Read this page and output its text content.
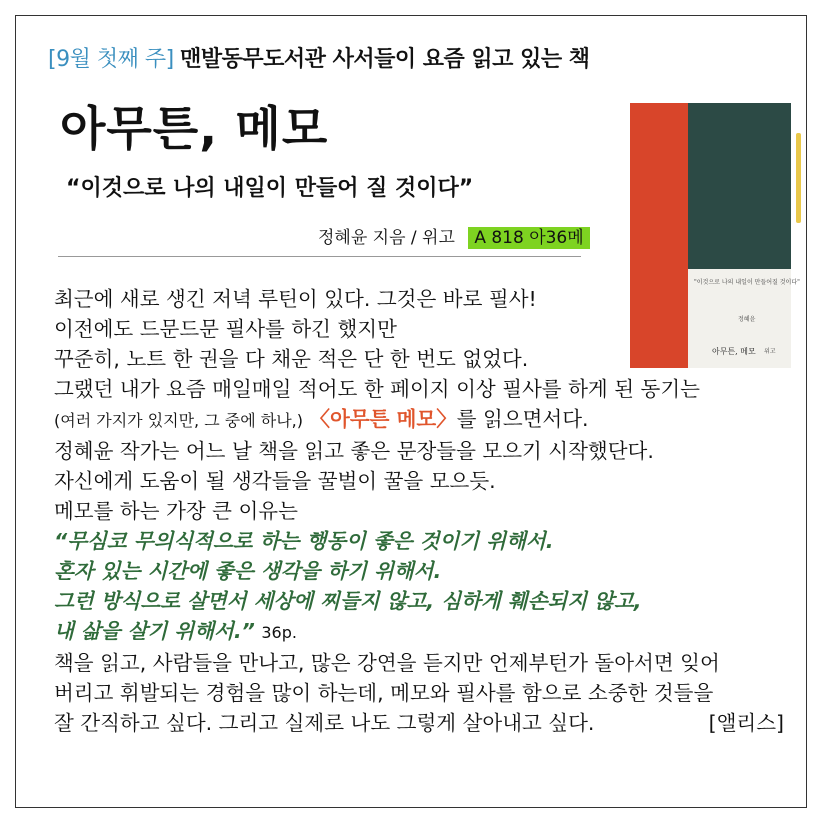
[9월 첫째 주] 맨발동무도서관 사서들이 요즘 읽고 있는 책
아무튼, 메모
“이것으로 나의 내일이 만들어 질 것이다”
정혜윤 지음 / 위고 A 818 아36메
"이것으로 나의 내일이 만들어질 것이다"
정혜윤
아무튼, 메모 위고
최근에 새로 생긴 저녁 루틴이 있다. 그것은 바로 필사!
이전에도 드문드문 필사를 하긴 했지만
꾸준히, 노트 한 권을 다 채운 적은 단 한 번도 없었다.
그랬던 내가 요즘 매일매일 적어도 한 페이지 이상 필사를 하게 된 동기는
(여러 가지가 있지만, 그 중에 하나,) 〈아무튼 메모〉를 읽으면서다.
정혜윤 작가는 어느 날 책을 읽고 좋은 문장들을 모으기 시작했단다.
자신에게 도움이 될 생각들을 꿀벌이 꿀을 모으듯.
메모를 하는 가장 큰 이유는
“무심코 무의식적으로 하는 행동이 좋은 것이기 위해서.
혼자 있는 시간에 좋은 생각을 하기 위해서.
그런 방식으로 살면서 세상에 찌들지 않고, 심하게 훼손되지 않고,
내 삶을 살기 위해서.” 36p.
책을 읽고, 사람들을 만나고, 많은 강연을 듣지만 언제부턴가 돌아서면 잊어
버리고 휘발되는 경험을 많이 하는데, 메모와 필사를 함으로 소중한 것들을
잘 간직하고 싶다. 그리고 실제로 나도 그렇게 살아내고 싶다.	[앨리스]
